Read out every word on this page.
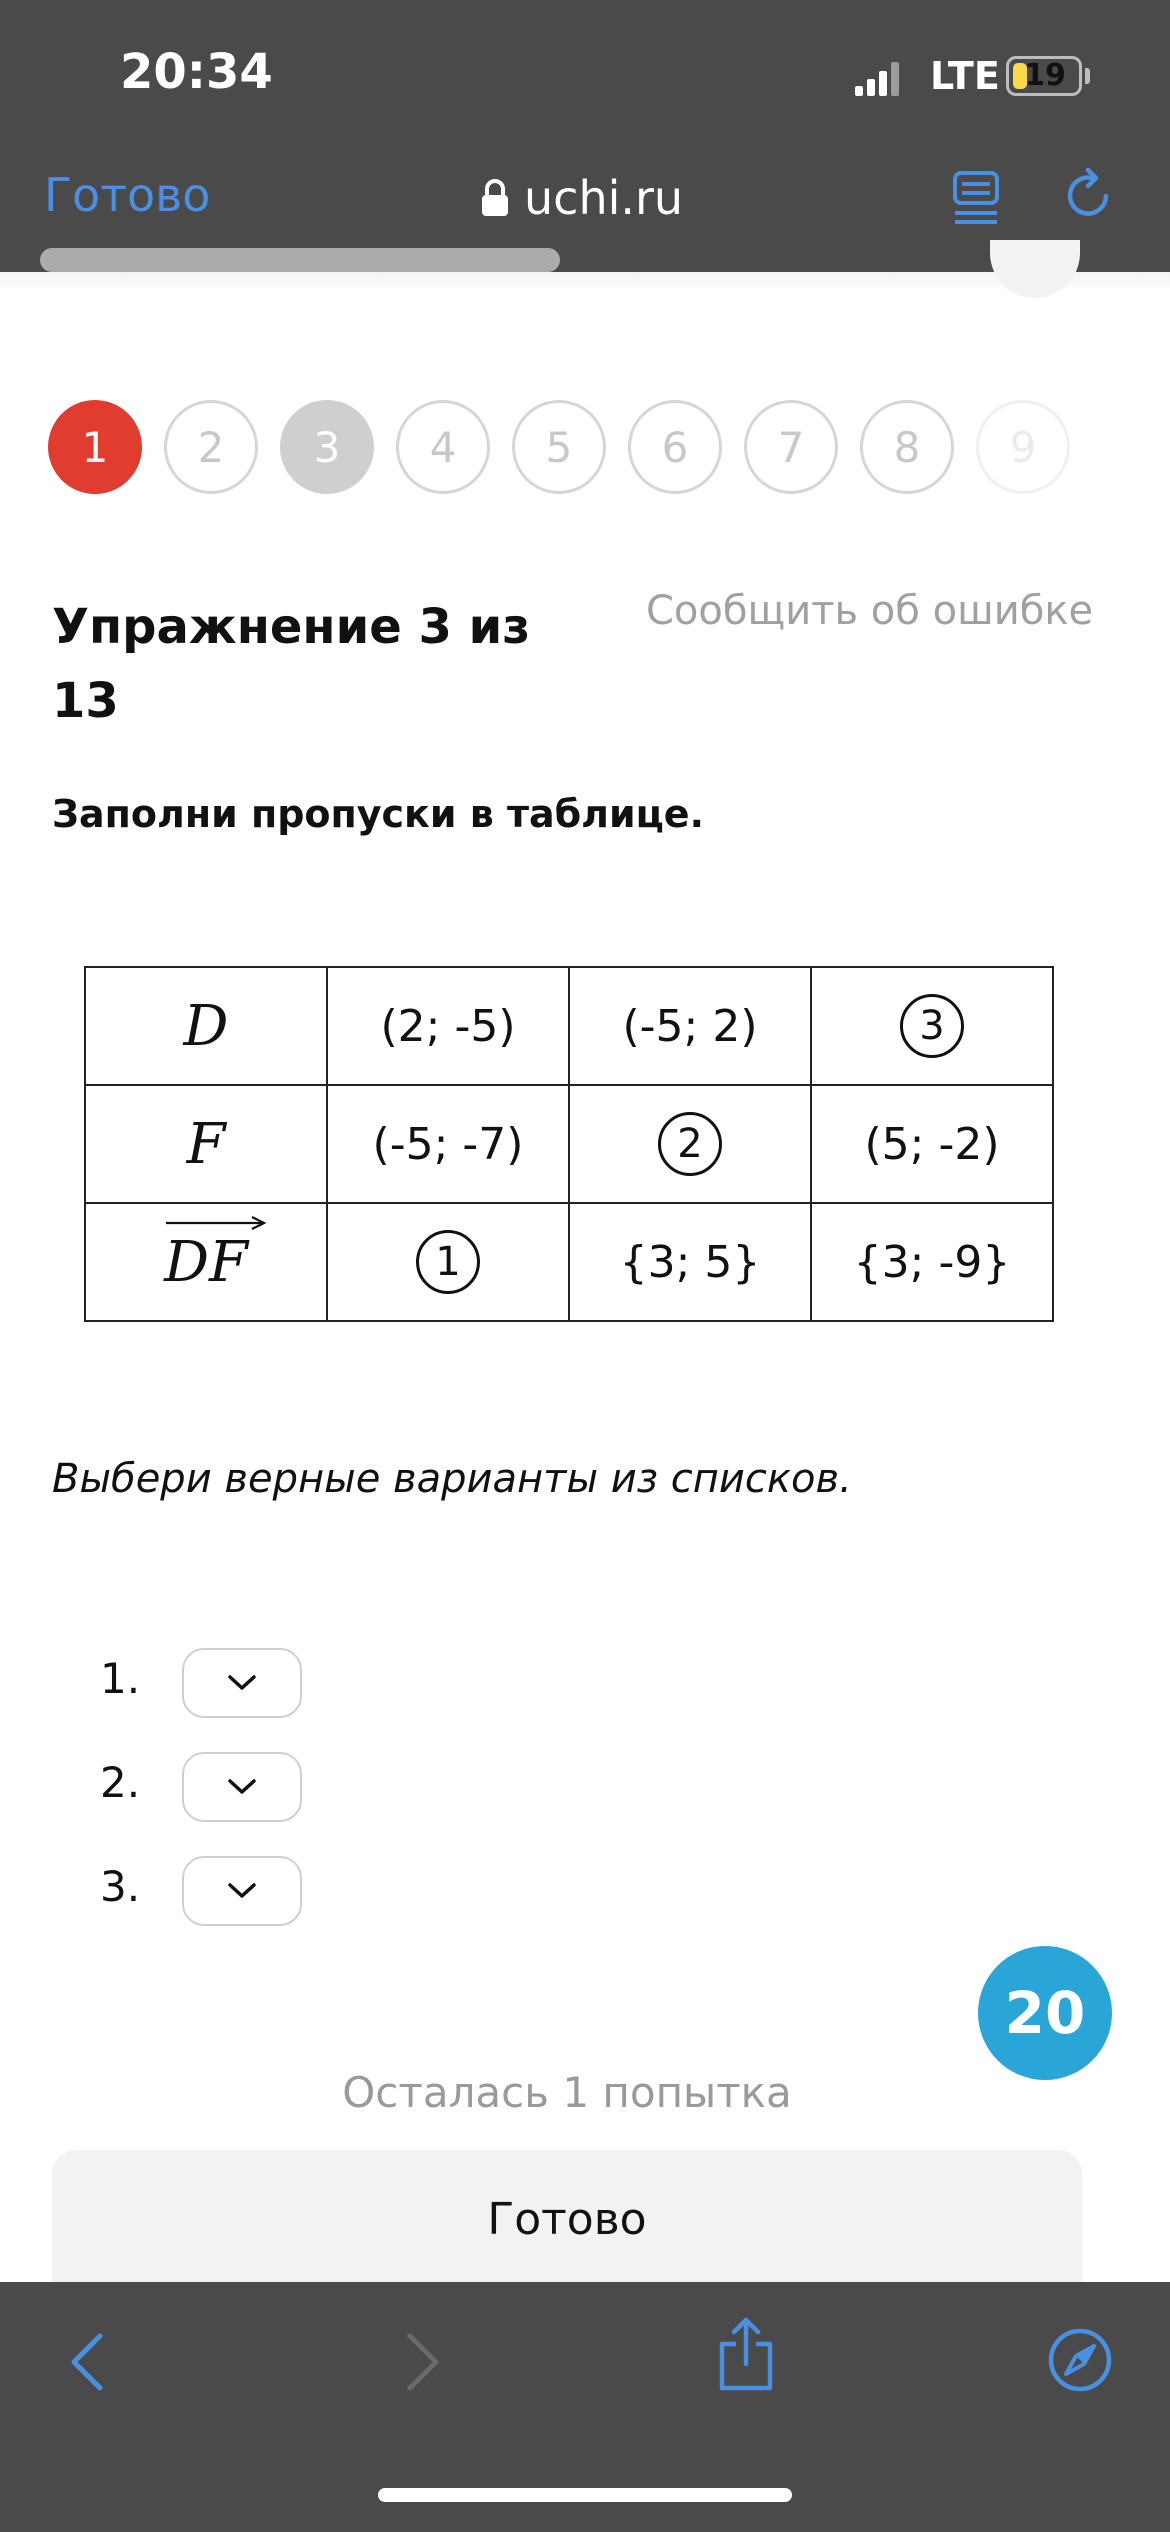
20:34	LTE 19
Готово	uchi.ru
1	2	3	4	5	6	7	8	9
Упражнение 3 из 13
Сообщить об ошибке
Заполни пропуски в таблице.
D	(2; -5)	(-5; 2)	3
F	(-5; -7)	2	(5; -2)

DF	1	{3; 5}	{3; -9}
Выбери верные варианты из списков.
1.
2.
3.
20
Осталась 1 попытка
Готово
